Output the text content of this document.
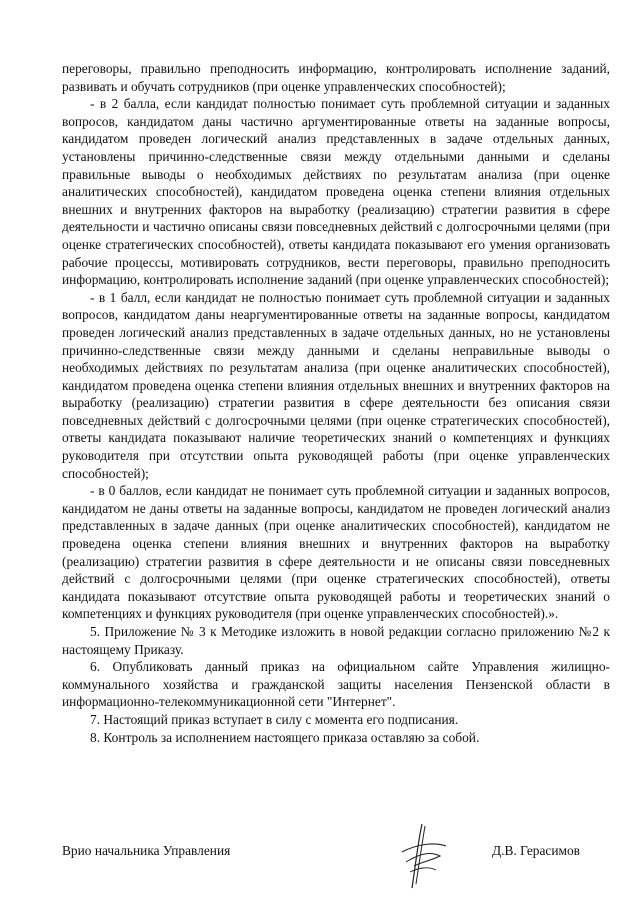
переговоры, правильно преподносить информацию, контролировать исполнение заданий, развивать и обучать сотрудников (при оценке управленческих способностей);

- в 2 балла, если кандидат полностью понимает суть проблемной ситуации и заданных вопросов, кандидатом даны частично аргументированные ответы на заданные вопросы, кандидатом проведен логический анализ представленных в задаче отдельных данных, установлены причинно-следственные связи между отдельными данными и сделаны правильные выводы о необходимых действиях по результатам анализа (при оценке аналитических способностей), кандидатом проведена оценка степени влияния отдельных внешних и внутренних факторов на выработку (реализацию) стратегии развития в сфере деятельности и частично описаны связи повседневных действий с долгосрочными целями (при оценке стратегических способностей), ответы кандидата показывают его умения организовать рабочие процессы, мотивировать сотрудников, вести переговоры, правильно преподносить информацию, контролировать исполнение заданий (при оценке управленческих способностей);

- в 1 балл, если кандидат не полностью понимает суть проблемной ситуации и заданных вопросов, кандидатом даны неаргументированные ответы на заданные вопросы, кандидатом проведен логический анализ представленных в задаче отдельных данных, но не установлены причинно-следственные связи между данными и сделаны неправильные выводы о необходимых действиях по результатам анализа (при оценке аналитических способностей), кандидатом проведена оценка степени влияния отдельных внешних и внутренних факторов на выработку (реализацию) стратегии развития в сфере деятельности без описания связи повседневных действий с долгосрочными целями (при оценке стратегических способностей), ответы кандидата показывают наличие теоретических знаний о компетенциях и функциях руководителя при отсутствии опыта руководящей работы (при оценке управленческих способностей);

- в 0 баллов, если кандидат не понимает суть проблемной ситуации и заданных вопросов, кандидатом не даны ответы на заданные вопросы, кандидатом не проведен логический анализ представленных в задаче данных (при оценке аналитических способностей), кандидатом не проведена оценка степени влияния внешних и внутренних факторов на выработку (реализацию) стратегии развития в сфере деятельности и не описаны связи повседневных действий с долгосрочными целями (при оценке стратегических способностей), ответы кандидата показывают отсутствие опыта руководящей работы и теоретических знаний о компетенциях и функциях руководителя (при оценке управленческих способностей).».

5. Приложение № 3 к Методике изложить в новой редакции согласно приложению №2 к настоящему Приказу.

6. Опубликовать данный приказ на официальном сайте Управления жилищно-коммунального хозяйства и гражданской защиты населения Пензенской области в информационно-телекоммуникационной сети "Интернет".

7. Настоящий приказ вступает в силу с момента его подписания.

8. Контроль за исполнением настоящего приказа оставляю за собой.

Врио начальника Управления	Д.В. Герасимов
